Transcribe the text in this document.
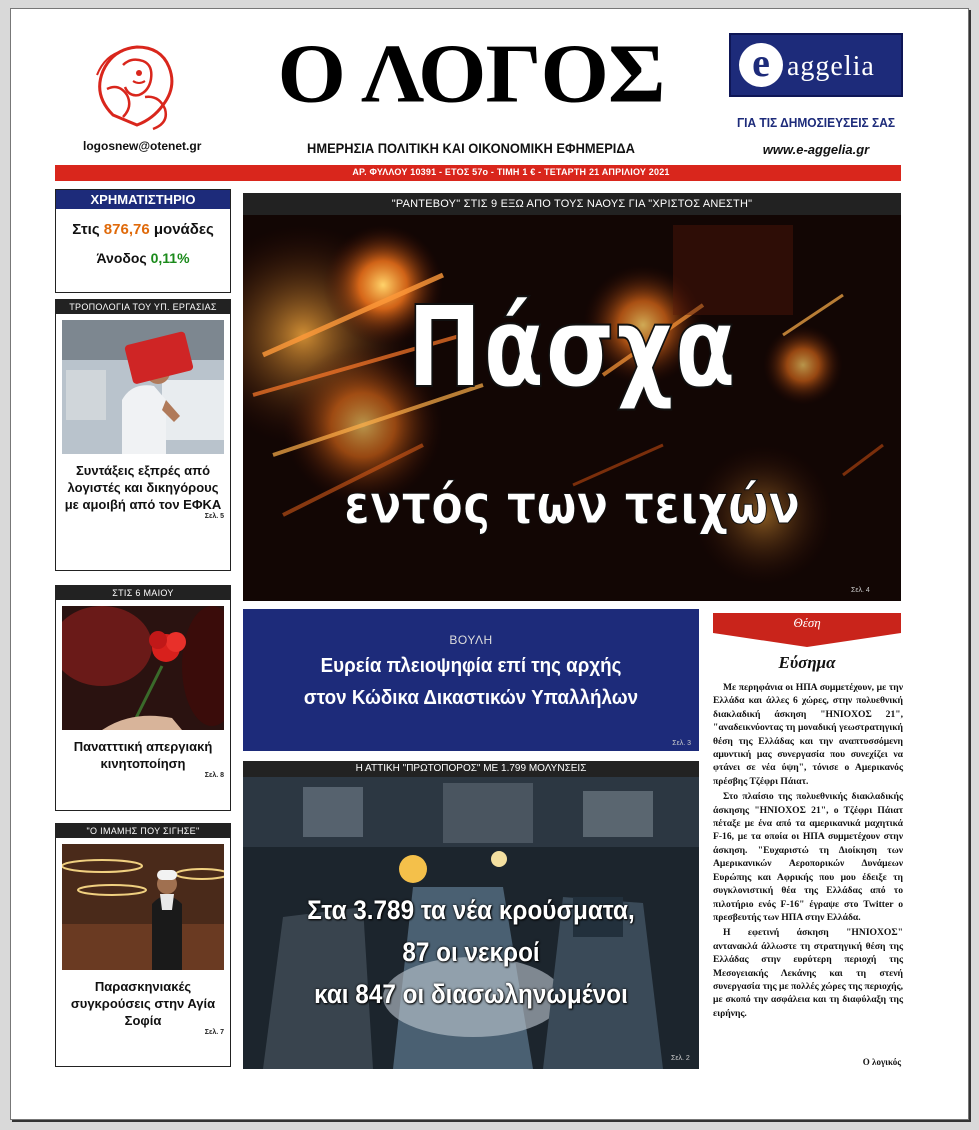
logosnew@otenet.gr
Ο ΛΟΓΟΣ
ΗΜΕΡΗΣΙΑ ΠΟΛΙΤΙΚΗ ΚΑΙ ΟΙΚΟΝΟΜΙΚΗ ΕΦΗΜΕΡΙΔΑ
e aggelia
ΓΙΑ ΤΙΣ ΔΗΜΟΣΙΕΥΣΕΙΣ ΣΑΣ
www.e-aggelia.gr
ΑΡ. ΦΥΛΛΟΥ 10391 - ΕΤΟΣ 57ο - ΤΙΜΗ 1 € - ΤΕΤΑΡΤΗ 21 ΑΠΡΙΛΙΟΥ 2021
ΧΡΗΜΑΤΙΣΤΗΡΙΟ
Στις 876,76 μονάδες
Άνοδος 0,11%
ΤΡΟΠΟΛΟΓΙΑ ΤΟΥ ΥΠ. ΕΡΓΑΣΙΑΣ
Συντάξεις εξπρές από λογιστές και δικηγόρους με αμοιβή από τον ΕΦΚΑ
Σελ. 5
ΣΤΙΣ 6 ΜΑΙΟΥ
Πανατττική απεργιακή κινητοποίηση
Σελ. 8
"Ο ΙΜΑΜΗΣ ΠΟΥ ΣΙΓΗΣΕ"
Παρασκηνιακές συγκρούσεις στην Αγία Σοφία
Σελ. 7
"ΡΑΝΤΕΒΟΥ" ΣΤΙΣ 9 ΕΞΩ ΑΠΟ ΤΟΥΣ ΝΑΟΥΣ ΓΙΑ "ΧΡΙΣΤΟΣ ΑΝΕΣΤΗ"
Πάσχα
εντός των τειχών
Σελ. 4
ΒΟΥΛΗ
Ευρεία πλειοψηφία επί της αρχής
στον Κώδικα Δικαστικών Υπαλλήλων
Σελ. 3
Η ΑΤΤΙΚΗ "ΠΡΩΤΟΠΟΡΟΣ" ΜΕ 1.799 ΜΟΛΥΝΣΕΙΣ
Στα 3.789 τα νέα κρούσματα,
87 οι νεκροί
και 847 οι διασωληνωμένοι
Σελ. 2
Θέση
Εύσημα

Με περηφάνια οι ΗΠΑ συμμετέχουν, με την Ελλάδα και άλλες 6 χώρες, στην πολυεθνική διακλαδική άσκηση "ΗΝΙΟΧΟΣ 21", "αναδεικνύοντας τη μοναδική γεωστρατηγική θέση της Ελλάδας και την αναπτυσσόμενη αμυντική μας συνεργασία που συνεχίζει να φτάνει σε νέα ύψη", τόνισε ο Αμερικανός πρέσβης Τζέφρι Πάιατ.

Στο πλαίσιο της πολυεθνικής διακλαδικής άσκησης "ΗΝΙΟΧΟΣ 21", ο Τζέφρι Πάιατ πέταξε με ένα από τα αμερικανικά μαχητικά F-16, με τα οποία οι ΗΠΑ συμμετέχουν στην άσκηση. "Ευχαριστώ τη Διοίκηση των Αμερικανικών Αεροπορικών Δυνάμεων Ευρώπης και Αφρικής που μου έδειξε τη συγκλονιστική θέα της Ελλάδας από το πιλοτήριο ενός F-16" έγραψε στο Twitter ο πρεσβευτής των ΗΠΑ στην Ελλάδα.

Η εφετινή άσκηση "ΗΝΙΟΧΟΣ" αντανακλά άλλωστε τη στρατηγική θέση της Ελλάδας στην ευρύτερη περιοχή της Μεσογειακής Λεκάνης και τη στενή συνεργασία της με πολλές χώρες της περιοχής, με σκοπό την ασφάλεια και τη διαφύλαξη της ειρήνης.

Ο λογικός
